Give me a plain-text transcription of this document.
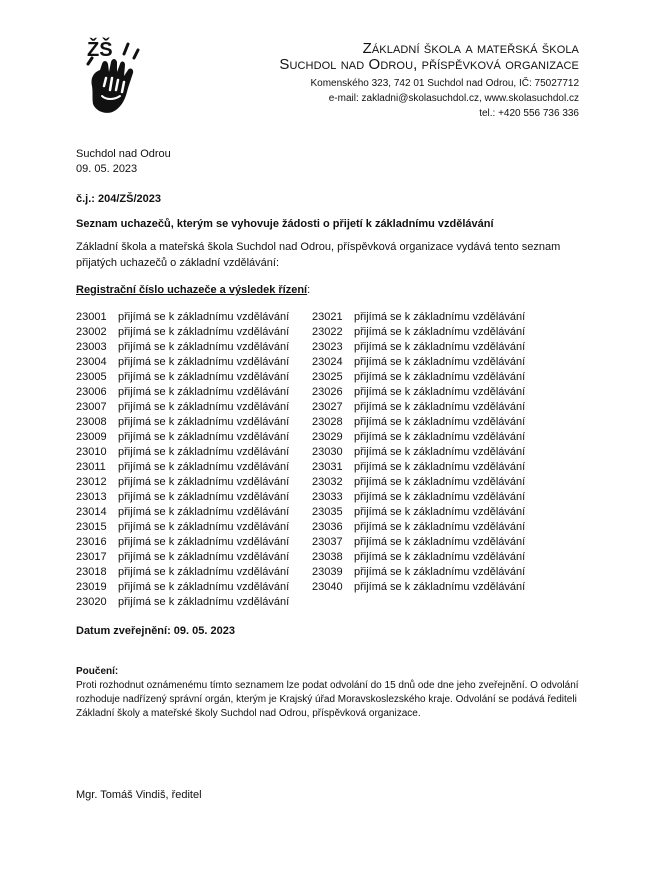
ŽŠ	Základní škola a mateřská škola
Suchdol nad Odrou, příspěvková organizace
Komenského 323, 742 01 Suchdol nad Odrou, IČ: 75027712
e-mail: zakladni@skolasuchdol.cz, www.skolasuchdol.cz
tel.: +420 556 736 336
Suchdol nad Odrou
09. 05. 2023
č.j.: 204/ZŠ/2023
Seznam uchazečů, kterým se vyhovuje žádosti o přijetí k základnímu vzdělávání
Základní škola a mateřská škola Suchdol nad Odrou, příspěvková organizace vydává tento seznam
přijatých uchazečů o základní vzdělávání:
Registrační číslo uchazeče a výsledek řízení:
23001 přijímá se k základnímu vzdělávání
23002 přijímá se k základnímu vzdělávání
23003 přijímá se k základnímu vzdělávání
23004 přijímá se k základnímu vzdělávání
23005 přijímá se k základnímu vzdělávání
23006 přijímá se k základnímu vzdělávání
23007 přijímá se k základnímu vzdělávání
23008 přijímá se k základnímu vzdělávání
23009 přijímá se k základnímu vzdělávání
23010 přijímá se k základnímu vzdělávání
23011 přijímá se k základnímu vzdělávání
23012 přijímá se k základnímu vzdělávání
23013 přijímá se k základnímu vzdělávání
23014 přijímá se k základnímu vzdělávání
23015 přijímá se k základnímu vzdělávání
23016 přijímá se k základnímu vzdělávání
23017 přijímá se k základnímu vzdělávání
23018 přijímá se k základnímu vzdělávání
23019 přijímá se k základnímu vzdělávání
23020 přijímá se k základnímu vzdělávání
23021 přijímá se k základnímu vzdělávání
23022 přijímá se k základnímu vzdělávání
23023 přijímá se k základnímu vzdělávání
23024 přijímá se k základnímu vzdělávání
23025 přijímá se k základnímu vzdělávání
23026 přijímá se k základnímu vzdělávání
23027 přijímá se k základnímu vzdělávání
23028 přijímá se k základnímu vzdělávání
23029 přijímá se k základnímu vzdělávání
23030 přijímá se k základnímu vzdělávání
23031 přijímá se k základnímu vzdělávání
23032 přijímá se k základnímu vzdělávání
23033 přijímá se k základnímu vzdělávání
23035 přijímá se k základnímu vzdělávání
23036 přijímá se k základnímu vzdělávání
23037 přijímá se k základnímu vzdělávání
23038 přijímá se k základnímu vzdělávání
23039 přijímá se k základnímu vzdělávání
23040 přijímá se k základnímu vzdělávání
Datum zveřejnění: 09. 05. 2023
Poučení:
Proti rozhodnut oznámenému tímto seznamem lze podat odvolání do 15 dnů ode dne jeho zveřejnění. O odvolání rozhoduje nadřízený správní orgán, kterým je Krajský úřad Moravskoslezského kraje. Odvolání se podává řediteli Základní školy a mateřské školy Suchdol nad Odrou, příspěvková organizace.
Mgr. Tomáš Vindiš, ředitel
